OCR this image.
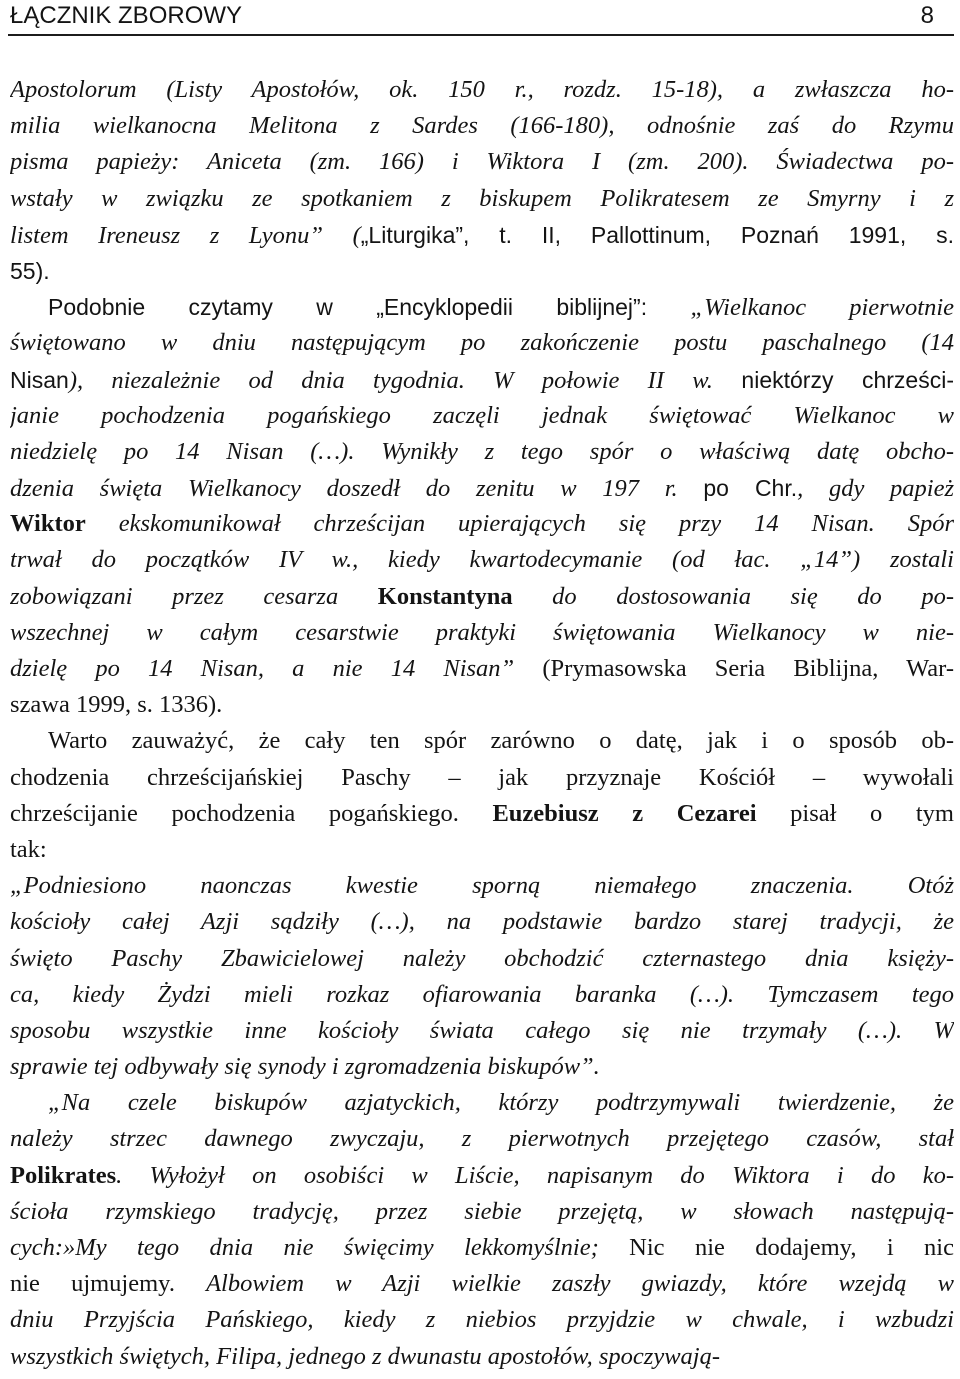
ŁĄCZNIK ZBOROWY	8
Apostolorum (Listy Apostołów, ok. 150 r., rozdz. 15-18), a zwłaszcza ho-
milia wielkanocna Melitona z Sardes (166-180), odnośnie zaś do Rzymu
pisma papieży: Aniceta (zm. 166) i Wiktora I (zm. 200). Świadectwa po-
wstały w związku ze spotkaniem z biskupem Polikratesem ze Smyrny i z
listem Ireneusz z Lyonu” („Liturgika”, t. II, Pallottinum, Poznań 1991, s.
55).
Podobnie czytamy w „Encyklopedii biblijnej”: „Wielkanoc pierwotnie
świętowano w dniu następującym po zakończenie postu paschalnego (14
Nisan), niezależnie od dnia tygodnia. W połowie II w. niektórzy chrześci-
janie pochodzenia pogańskiego zaczęli jednak świętować Wielkanoc w
niedzielę po 14 Nisan (…). Wynikły z tego spór o właściwą datę obcho-
dzenia święta Wielkanocy doszedł do zenitu w 197 r. po Chr., gdy papież
Wiktor ekskomunikował chrześcijan upierających się przy 14 Nisan. Spór
trwał do początków IV w., kiedy kwartodecymanie (od łac. „14”) zostali
zobowiązani przez cesarza Konstantyna do dostosowania się do po-
wszechnej w całym cesarstwie praktyki świętowania Wielkanocy w nie-
dzielę po 14 Nisan, a nie 14 Nisan” (Prymasowska Seria Biblijna, War-
szawa 1999, s. 1336).
Warto zauważyć, że cały ten spór zarówno o datę, jak i o sposób ob-
chodzenia chrześcijańskiej Paschy – jak przyznaje Kościół – wywołali
chrześcijanie pochodzenia pogańskiego. Euzebiusz z Cezarei pisał o tym
tak:
„Podniesiono naonczas kwestie sporną niemałego znaczenia. Otóż
kościoły całej Azji sądziły (…), na podstawie bardzo starej tradycji, że
święto Paschy Zbawicielowej należy obchodzić czternastego dnia księży-
ca, kiedy Żydzi mieli rozkaz ofiarowania baranka (…). Tymczasem tego
sposobu wszystkie inne kościoły świata całego się nie trzymały (…). W
sprawie tej odbywały się synody i zgromadzenia biskupów”.
„Na czele biskupów azjatyckich, którzy podtrzymywali twierdzenie, że
należy strzec dawnego zwyczaju, z pierwotnych przejętego czasów, stał
Polikrates. Wyłożył on osobiści w Liście, napisanym do Wiktora i do ko-
ścioła rzymskiego tradycję, przez siebie przejętą, w słowach następują-
cych:»My tego dnia nie święcimy lekkomyślnie; Nic nie dodajemy, i nic
nie ujmujemy. Albowiem w Azji wielkie zaszły gwiazdy, które wzejdą w
dniu Przyjścia Pańskiego, kiedy z niebios przyjdzie w chwale, i wzbudzi
wszystkich świętych, Filipa, jednego z dwunastu apostołów, spoczywają-
